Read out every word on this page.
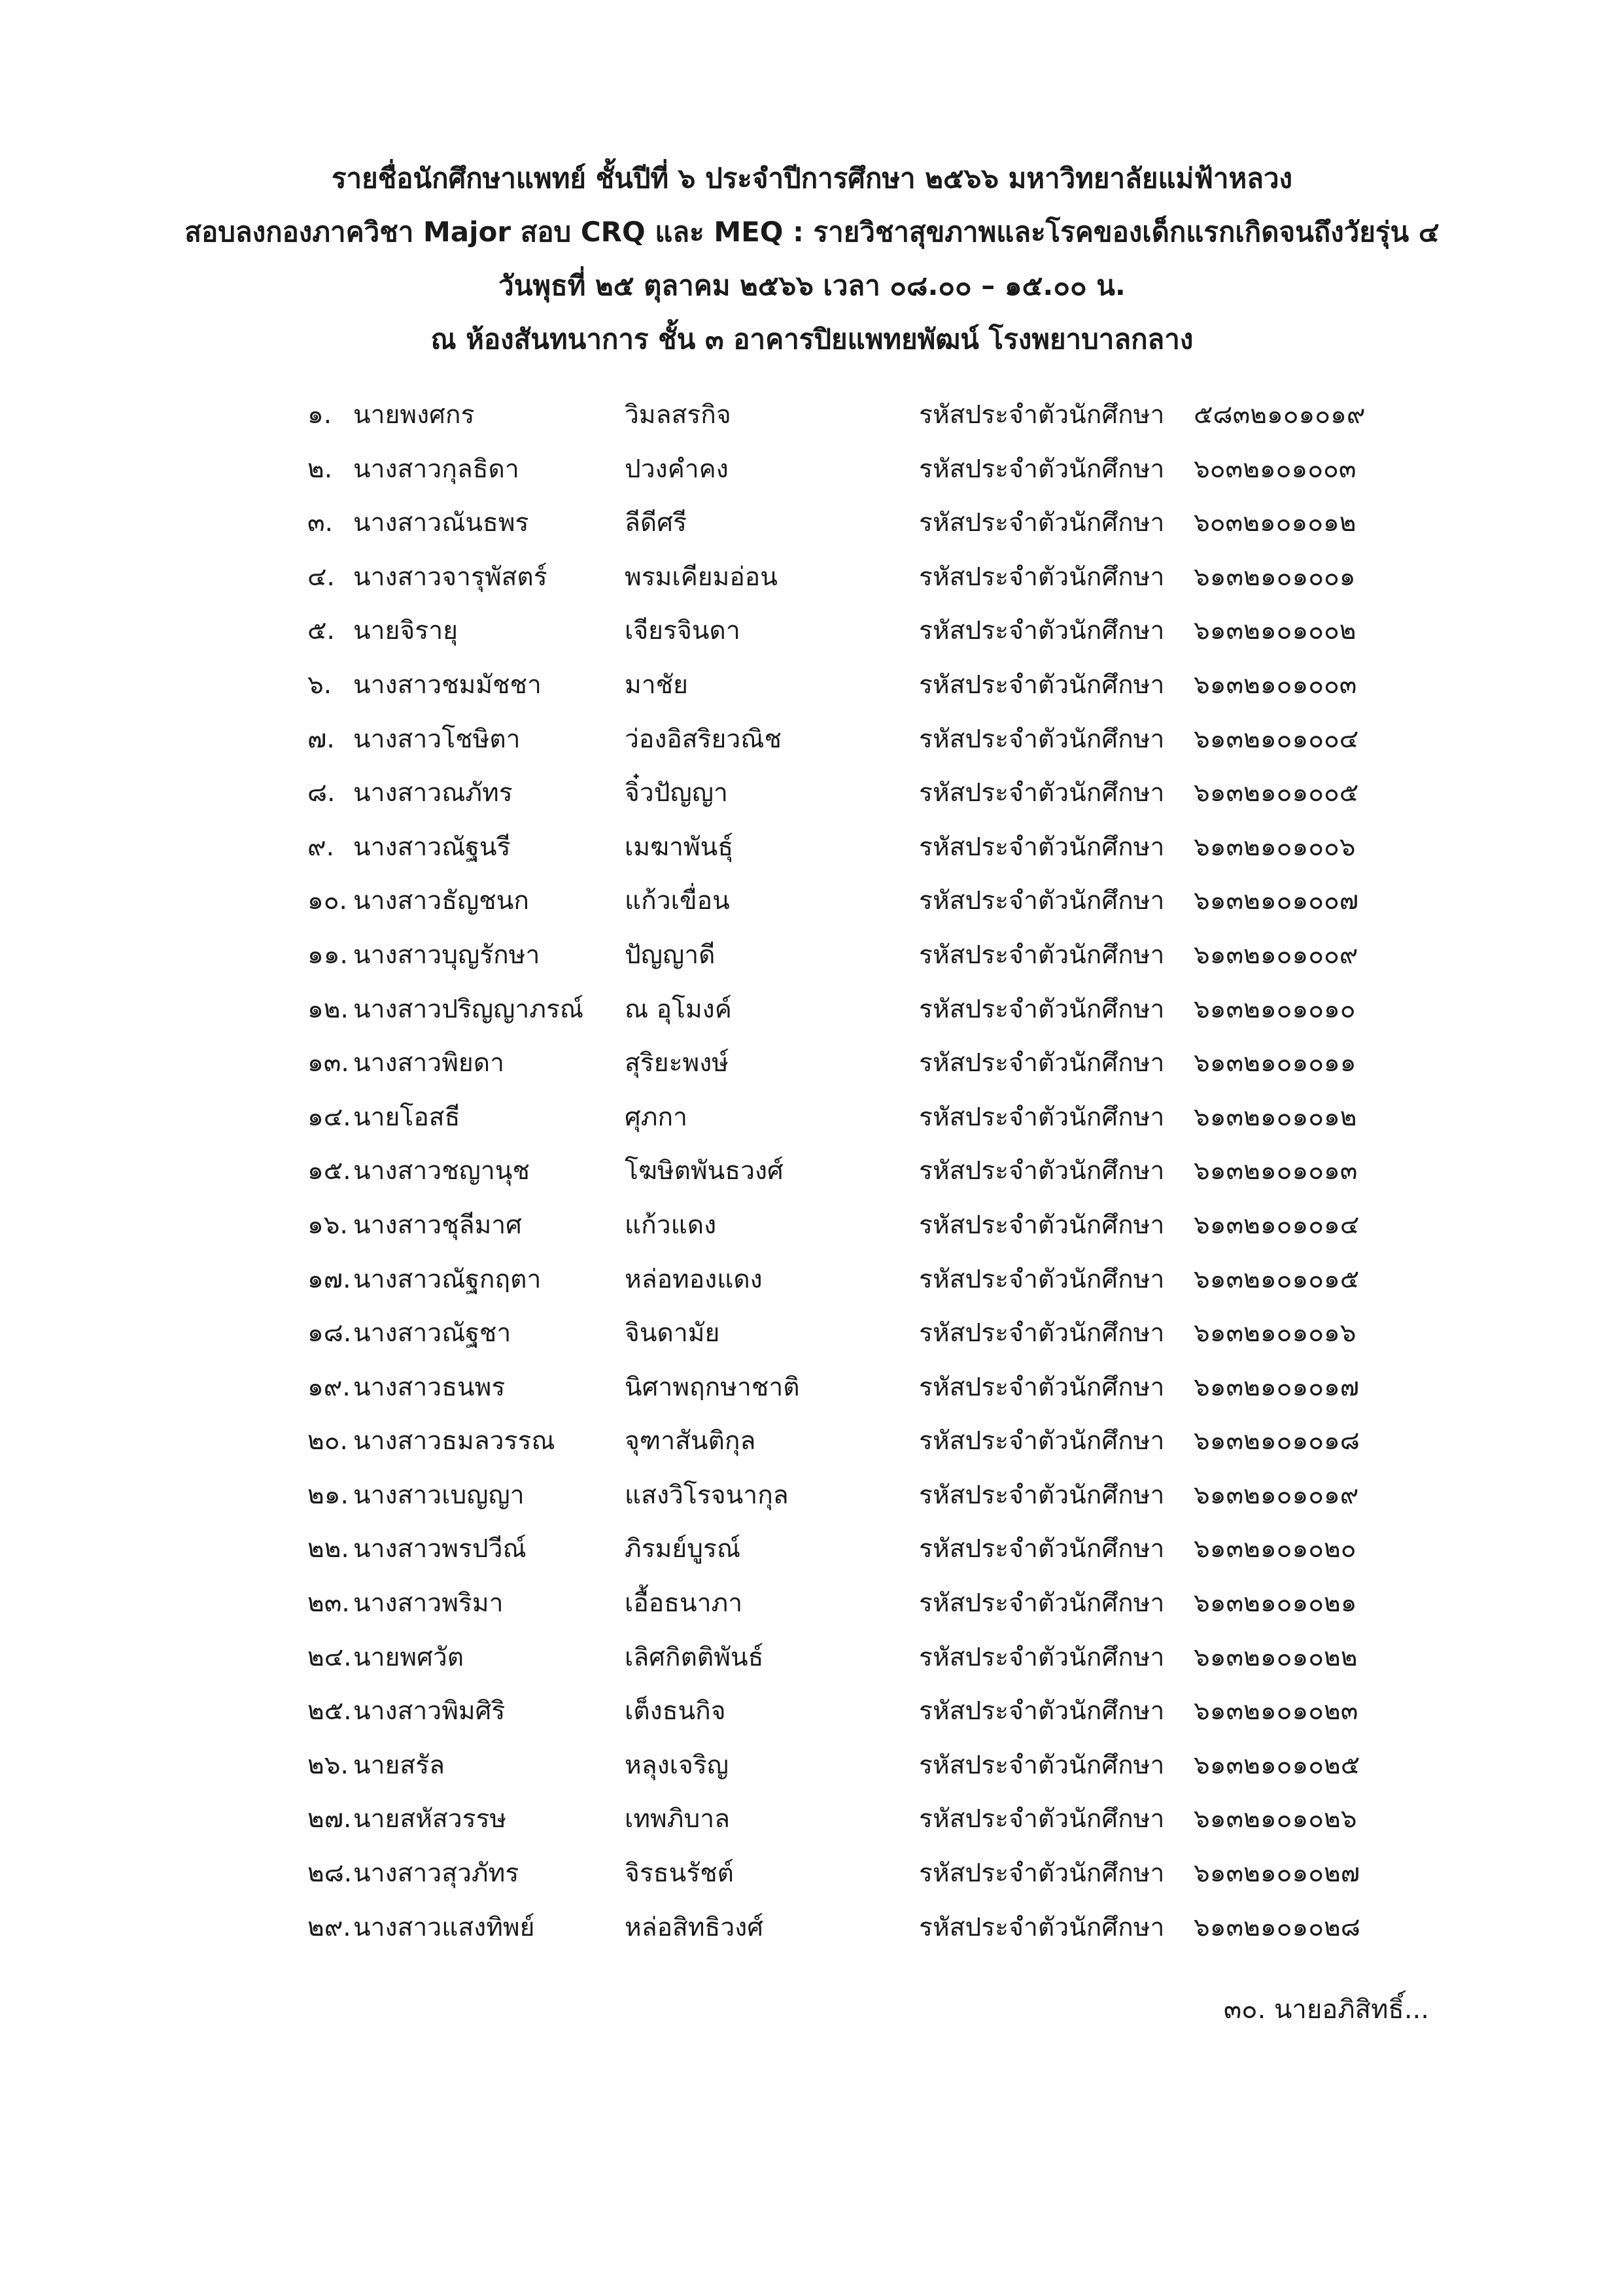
รายชื่อนักศึกษาแพทย์ ชั้นปีที่ ๖ ประจำปีการศึกษา ๒๕๖๖ มหาวิทยาลัยแม่ฟ้าหลวง
สอบลงกองภาควิชา Major สอบ CRQ และ MEQ : รายวิชาสุขภาพและโรคของเด็กแรกเกิดจนถึงวัยรุ่น ๔
วันพุธที่ ๒๕ ตุลาคม ๒๕๖๖ เวลา ๐๘.๐๐ – ๑๕.๐๐ น.
ณ ห้องสันทนาการ ชั้น ๓ อาคารปิยแพทยพัฒน์ โรงพยาบาลกลาง
๑. นายพงศกร	วิมลสรกิจ	รหัสประจำตัวนักศึกษา ๕๘๓๒๑๐๑๐๑๙
๒. นางสาวกุลธิดา	ปวงคำคง	รหัสประจำตัวนักศึกษา ๖๐๓๒๑๐๑๐๐๓
๓. นางสาวณันธพร	ลีดีศรี	รหัสประจำตัวนักศึกษา ๖๐๓๒๑๐๑๐๑๒
๔. นางสาวจารุพัสตร์	พรมเคียมอ่อน	รหัสประจำตัวนักศึกษา ๖๑๓๒๑๐๑๐๐๑
๕. นายจิรายุ	เจียรจินดา	รหัสประจำตัวนักศึกษา ๖๑๓๒๑๐๑๐๐๒
๖. นางสาวชมมัชชา	มาชัย	รหัสประจำตัวนักศึกษา ๖๑๓๒๑๐๑๐๐๓
๗. นางสาวโชษิตา	ว่องอิสริยวณิช	รหัสประจำตัวนักศึกษา ๖๑๓๒๑๐๑๐๐๔
๘. นางสาวณภัทร	จิ๋วปัญญา	รหัสประจำตัวนักศึกษา ๖๑๓๒๑๐๑๐๐๕
๙. นางสาวณัฐนรี	เมฆาพันธุ์	รหัสประจำตัวนักศึกษา ๖๑๓๒๑๐๑๐๐๖
๑๐. นางสาวธัญชนก	แก้วเขื่อน	รหัสประจำตัวนักศึกษา ๖๑๓๒๑๐๑๐๐๗
๑๑. นางสาวบุญรักษา	ปัญญาดี	รหัสประจำตัวนักศึกษา ๖๑๓๒๑๐๑๐๐๙
๑๒. นางสาวปริญญาภรณ์ ณ อุโมงค์	รหัสประจำตัวนักศึกษา ๖๑๓๒๑๐๑๐๑๐
๑๓. นางสาวพิยดา	สุริยะพงษ์	รหัสประจำตัวนักศึกษา ๖๑๓๒๑๐๑๐๑๑
๑๔. นายโอสธี	ศุภกา	รหัสประจำตัวนักศึกษา ๖๑๓๒๑๐๑๐๑๒
๑๕. นางสาวชญานุช	โฆษิตพันธวงศ์	รหัสประจำตัวนักศึกษา ๖๑๓๒๑๐๑๐๑๓
๑๖. นางสาวชุลีมาศ	แก้วแดง	รหัสประจำตัวนักศึกษา ๖๑๓๒๑๐๑๐๑๔
๑๗. นางสาวณัฐกฤตา	หล่อทองแดง	รหัสประจำตัวนักศึกษา ๖๑๓๒๑๐๑๐๑๕
๑๘. นางสาวณัฐชา	จินดามัย	รหัสประจำตัวนักศึกษา ๖๑๓๒๑๐๑๐๑๖
๑๙. นางสาวธนพร	นิศาพฤกษาชาติ	รหัสประจำตัวนักศึกษา ๖๑๓๒๑๐๑๐๑๗
๒๐. นางสาวธมลวรรณ	จุฑาสันติกุล	รหัสประจำตัวนักศึกษา ๖๑๓๒๑๐๑๐๑๘
๒๑. นางสาวเบญญา	แสงวิโรจนากุล	รหัสประจำตัวนักศึกษา ๖๑๓๒๑๐๑๐๑๙
๒๒. นางสาวพรปวีณ์	ภิรมย์บูรณ์	รหัสประจำตัวนักศึกษา ๖๑๓๒๑๐๑๐๒๐
๒๓. นางสาวพริมา	เอื้อธนาภา	รหัสประจำตัวนักศึกษา ๖๑๓๒๑๐๑๐๒๑
๒๔. นายพศวัต	เลิศกิตติพันธ์	รหัสประจำตัวนักศึกษา ๖๑๓๒๑๐๑๐๒๒
๒๕. นางสาวพิมศิริ	เต็งธนกิจ	รหัสประจำตัวนักศึกษา ๖๑๓๒๑๐๑๐๒๓
๒๖. นายสรัล	หลุงเจริญ	รหัสประจำตัวนักศึกษา ๖๑๓๒๑๐๑๐๒๕
๒๗. นายสหัสวรรษ	เทพภิบาล	รหัสประจำตัวนักศึกษา ๖๑๓๒๑๐๑๐๒๖
๒๘. นางสาวสุวภัทร	จิรธนรัชต์	รหัสประจำตัวนักศึกษา ๖๑๓๒๑๐๑๐๒๗
๒๙. นางสาวแสงทิพย์	หล่อสิทธิวงศ์	รหัสประจำตัวนักศึกษา ๖๑๓๒๑๐๑๐๒๘
๓๐. นายอภิสิทธิ์...
